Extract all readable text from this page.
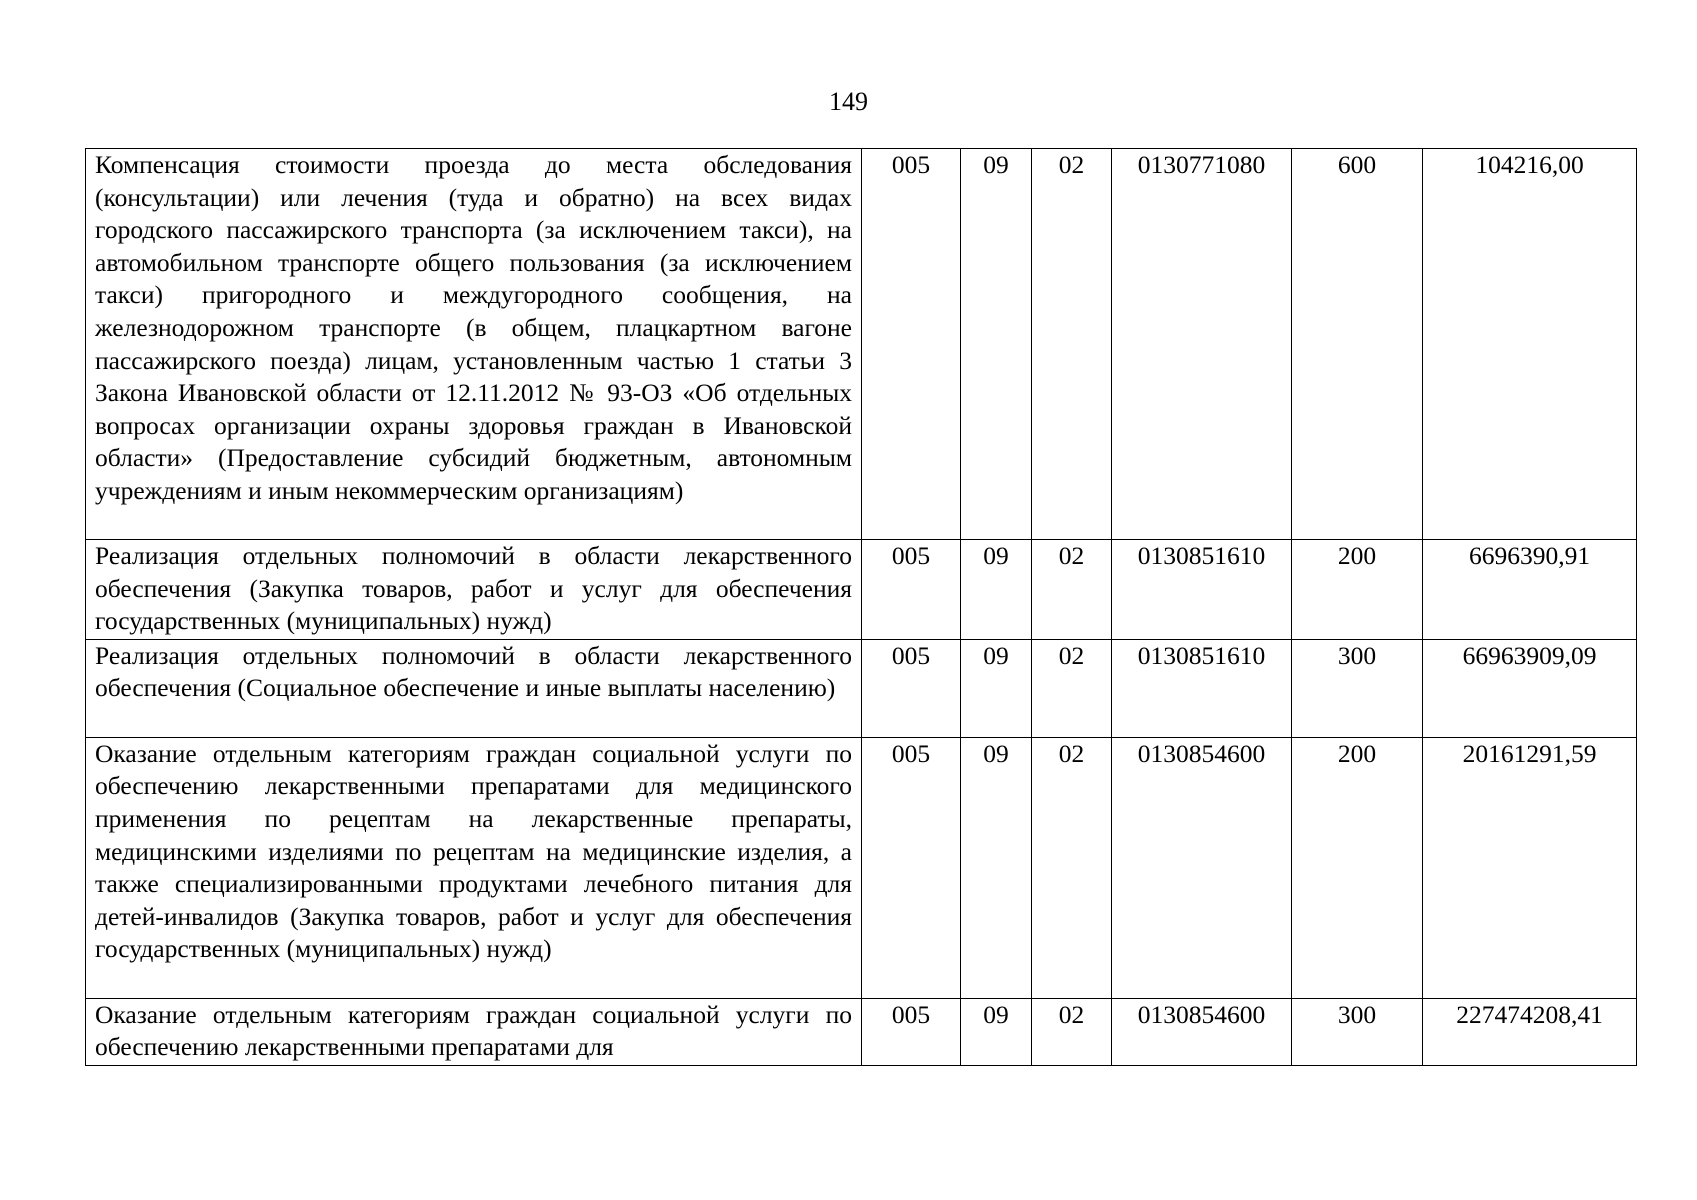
149
Компенсация стоимости проезда до места обследования (консультации) или лечения (туда и обратно) на всех видах городского пассажирского транспорта (за исключением такси), на автомобильном транспорте общего пользования (за исключением такси) пригородного и междугородного сообщения, на железнодорожном транспорте (в общем, плацкартном вагоне пассажирского поезда) лицам, установленным частью 1 статьи 3 Закона Ивановской области от 12.11.2012 № 93-ОЗ «Об отдельных вопросах организации охраны здоровья граждан в Ивановской области» (Предоставление субсидий бюджетным, автономным учреждениям и иным некоммерческим организациям)	005	09	02	0130771080	600	104216,00
Реализация отдельных полномочий в области лекарственного обеспечения (Закупка товаров, работ и услуг для обеспечения государственных (муниципальных) нужд)	005	09	02	0130851610	200	6696390,91
Реализация отдельных полномочий в области лекарственного обеспечения (Социальное обеспечение и иные выплаты населению)	005	09	02	0130851610	300	66963909,09
Оказание отдельным категориям граждан социальной услуги по обеспечению лекарственными препаратами для медицинского применения по рецептам на лекарственные препараты, медицинскими изделиями по рецептам на медицинские изделия, а также специализированными продуктами лечебного питания для детей-инвалидов (Закупка товаров, работ и услуг для обеспечения государственных (муниципальных) нужд)	005	09	02	0130854600	200	20161291,59
Оказание отдельным категориям граждан социальной услуги по обеспечению лекарственными препаратами для	005	09	02	0130854600	300	227474208,41
